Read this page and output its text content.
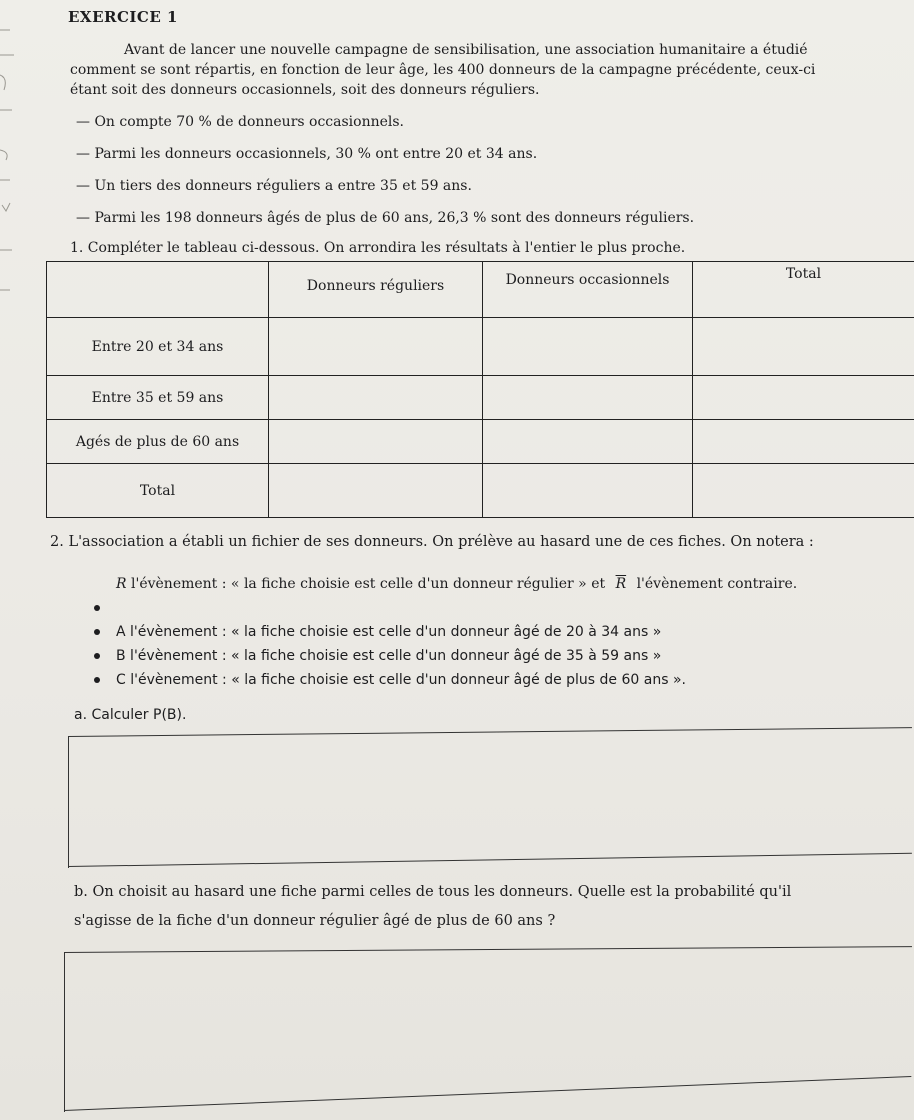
EXERCICE 1
Avant de lancer une nouvelle campagne de sensibilisation, une association humanitaire a étudié
comment se sont répartis, en fonction de leur âge, les 400 donneurs de la campagne précédente, ceux-ci
étant soit des donneurs occasionnels, soit des donneurs réguliers.
— On compte 70 % de donneurs occasionnels.
— Parmi les donneurs occasionnels, 30 % ont entre 20 et 34 ans.
— Un tiers des donneurs réguliers a entre 35 et 59 ans.
— Parmi les 198 donneurs âgés de plus de 60 ans, 26,3 % sont des donneurs réguliers.
1. Compléter le tableau ci-dessous. On arrondira les résultats à l'entier le plus proche.
	Donneurs réguliers	Donneurs occasionnels	Total
Entre 20 et 34 ans			
Entre 35 et 59 ans			
Agés de plus de 60 ans			
Total			
2. L'association a établi un fichier de ses donneurs. On prélève au hasard une de ces fiches. On notera :
R l'évènement : « la fiche choisie est celle d'un donneur régulier » et $\overline{R}$ l'évènement contraire.
A l'évènement : « la fiche choisie est celle d'un donneur âgé de 20 à 34 ans »
B l'évènement : « la fiche choisie est celle d'un donneur âgé de 35 à 59 ans »
C l'évènement : « la fiche choisie est celle d'un donneur âgé de plus de 60 ans ».
a. Calculer P(B).
b. On choisit au hasard une fiche parmi celles de tous les donneurs. Quelle est la probabilité qu'il
s'agisse de la fiche d'un donneur régulier âgé de plus de 60 ans ?
